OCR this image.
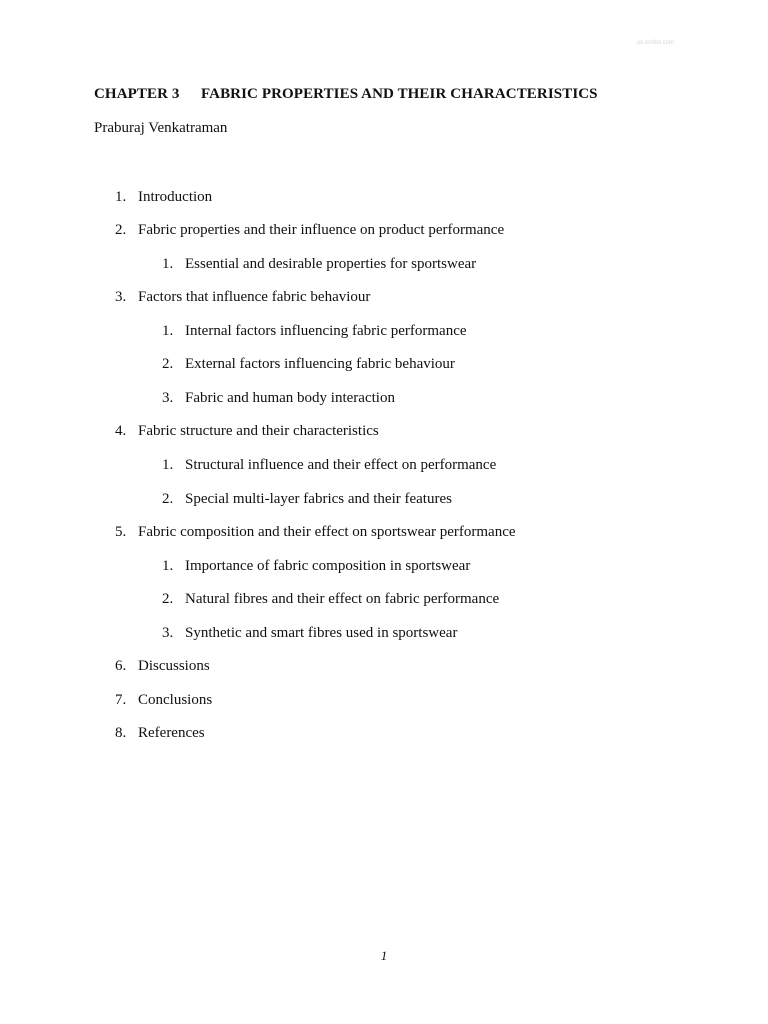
uk.scribd.com
CHAPTER 3 FABRIC PROPERTIES AND THEIR CHARACTERISTICS
Praburaj Venkatraman
1. Introduction
2. Fabric properties and their influence on product performance
1. Essential and desirable properties for sportswear
3. Factors that influence fabric behaviour
1. Internal factors influencing fabric performance
2. External factors influencing fabric behaviour
3. Fabric and human body interaction
4. Fabric structure and their characteristics
1. Structural influence and their effect on performance
2. Special multi-layer fabrics and their features
5. Fabric composition and their effect on sportswear performance
1. Importance of fabric composition in sportswear
2. Natural fibres and their effect on fabric performance
3. Synthetic and smart fibres used in sportswear
6. Discussions
7. Conclusions
8. References
1
